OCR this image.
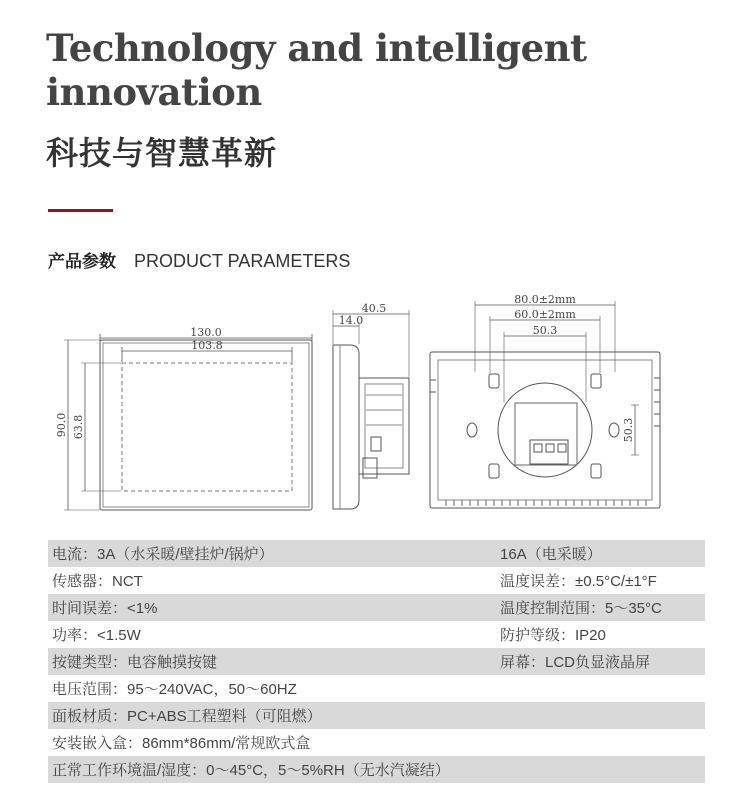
Technology and intelligent innovation
科技与智慧革新
产品参数 PRODUCT PARAMETERS
130.0
103.8
90.0 63.8
40.5
14.0
80.0±2mm
60.0±2mm
50.3
50.3
电流：3A（水采暖/壁挂炉/锅炉）	16A（电采暖）
传感器：NCT	温度误差：±0.5°C/±1°F
时间误差：<1%	温度控制范围：5～35°C
功率：<1.5W	防护等级：IP20
按键类型：电容触摸按键	屏幕：LCD负显液晶屏
电压范围：95～240VAC，50～60HZ
面板材质：PC+ABS工程塑料（可阻燃）
安装嵌入盒：86mm*86mm/常规欧式盒
正常工作环境温/湿度：0～45°C，5～5%RH（无水汽凝结）
